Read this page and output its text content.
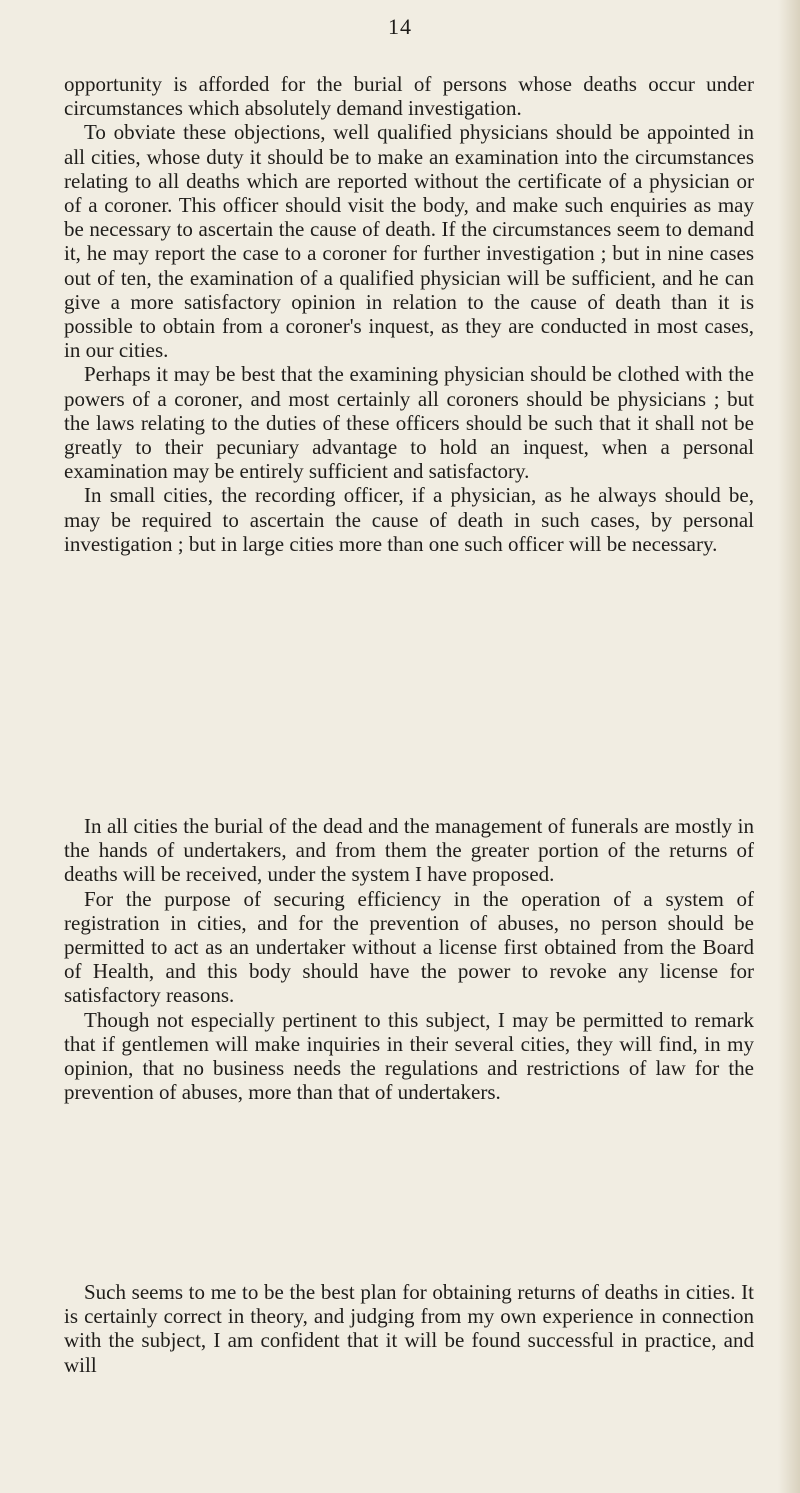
14

opportunity is afforded for the burial of persons whose deaths occur under circumstances which absolutely demand investigation.

To obviate these objections, well qualified physicians should be appointed in all cities, whose duty it should be to make an examination into the circumstances relating to all deaths which are reported without the certificate of a physician or of a coroner. This officer should visit the body, and make such enquiries as may be necessary to ascertain the cause of death. If the circumstances seem to demand it, he may report the case to a coroner for further investigation ; but in nine cases out of ten, the examination of a qualified physician will be sufficient, and he can give a more satisfactory opinion in relation to the cause of death than it is possible to obtain from a coroner's inquest, as they are conducted in most cases, in our cities.

Perhaps it may be best that the examining physician should be clothed with the powers of a coroner, and most certainly all coroners should be physicians ; but the laws relating to the duties of these officers should be such that it shall not be greatly to their pecuniary advantage to hold an inquest, when a personal examination may be entirely sufficient and satisfactory.

In small cities, the recording officer, if a physician, as he always should be, may be required to ascertain the cause of death in such cases, by personal investigation ; but in large cities more than one such officer will be necessary.

In all cities the burial of the dead and the management of funerals are mostly in the hands of undertakers, and from them the greater portion of the returns of deaths will be received, under the system I have proposed.

For the purpose of securing efficiency in the operation of a system of registration in cities, and for the prevention of abuses, no person should be permitted to act as an undertaker without a license first obtained from the Board of Health, and this body should have the power to revoke any license for satisfactory reasons.

Though not especially pertinent to this subject, I may be permitted to remark that if gentlemen will make inquiries in their several cities, they will find, in my opinion, that no business needs the regulations and restrictions of law for the prevention of abuses, more than that of undertakers.

Such seems to me to be the best plan for obtaining returns of deaths in cities. It is certainly correct in theory, and judging from my own experience in connection with the subject, I am confident that it will be found successful in practice, and will
